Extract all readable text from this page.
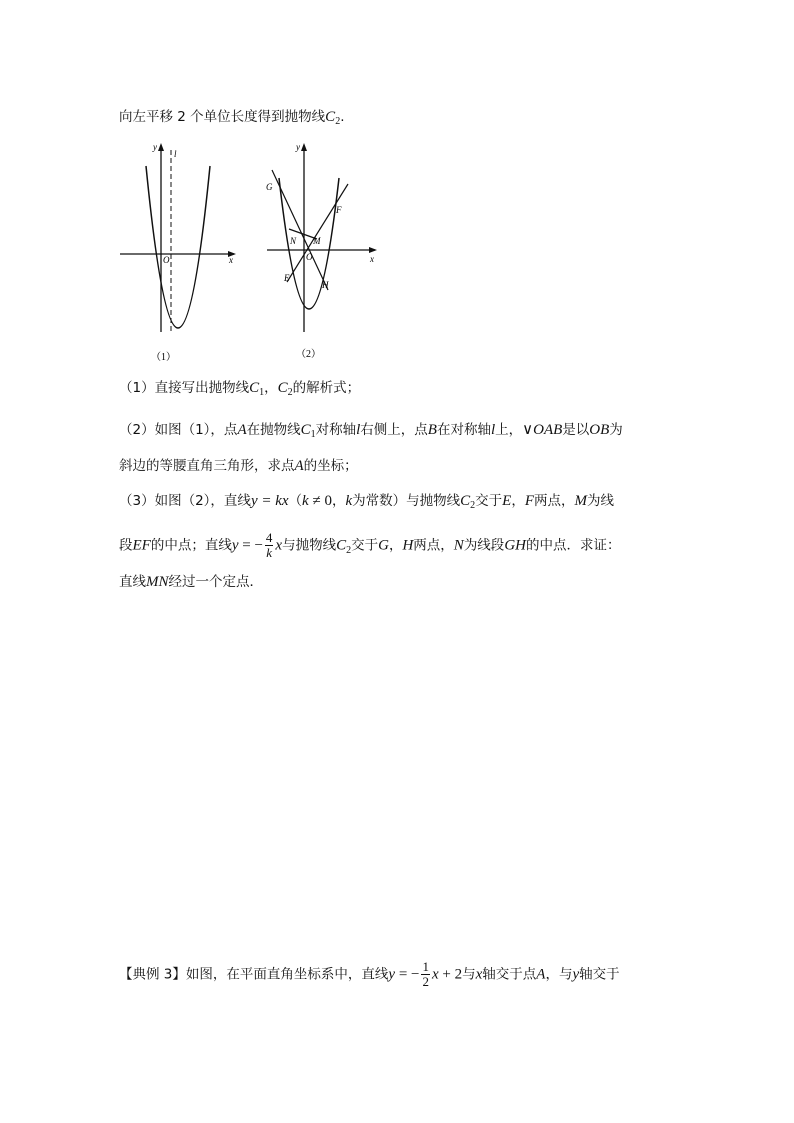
向左平移 2 个单位长度得到抛物线$C_2$.
y
x
O
l
（1）
y
x
O
G
F
N M
E
H
（2）
（1）直接写出抛物线$C_1$，$C_2$的解析式；
（2）如图（1），点A在抛物线$C_1$对称轴l右侧上，点B在对称轴l上，∨OAB是以OB为
斜边的等腰直角三角形，求点A的坐标；
（3）如图（2），直线y = kx（k ≠ 0，k为常数）与抛物线$C_2$交于E，F两点，M为线
段EF的中点；直线y = − $\frac{4}{k}$ x与抛物线$C_2$交于G，H两点，N为线段GH的中点．求证：
直线MN经过一个定点．
【典例 3】如图，在平面直角坐标系中，直线y = − $\frac{1}{2}$ x + 2与x轴交于点A，与y轴交于
